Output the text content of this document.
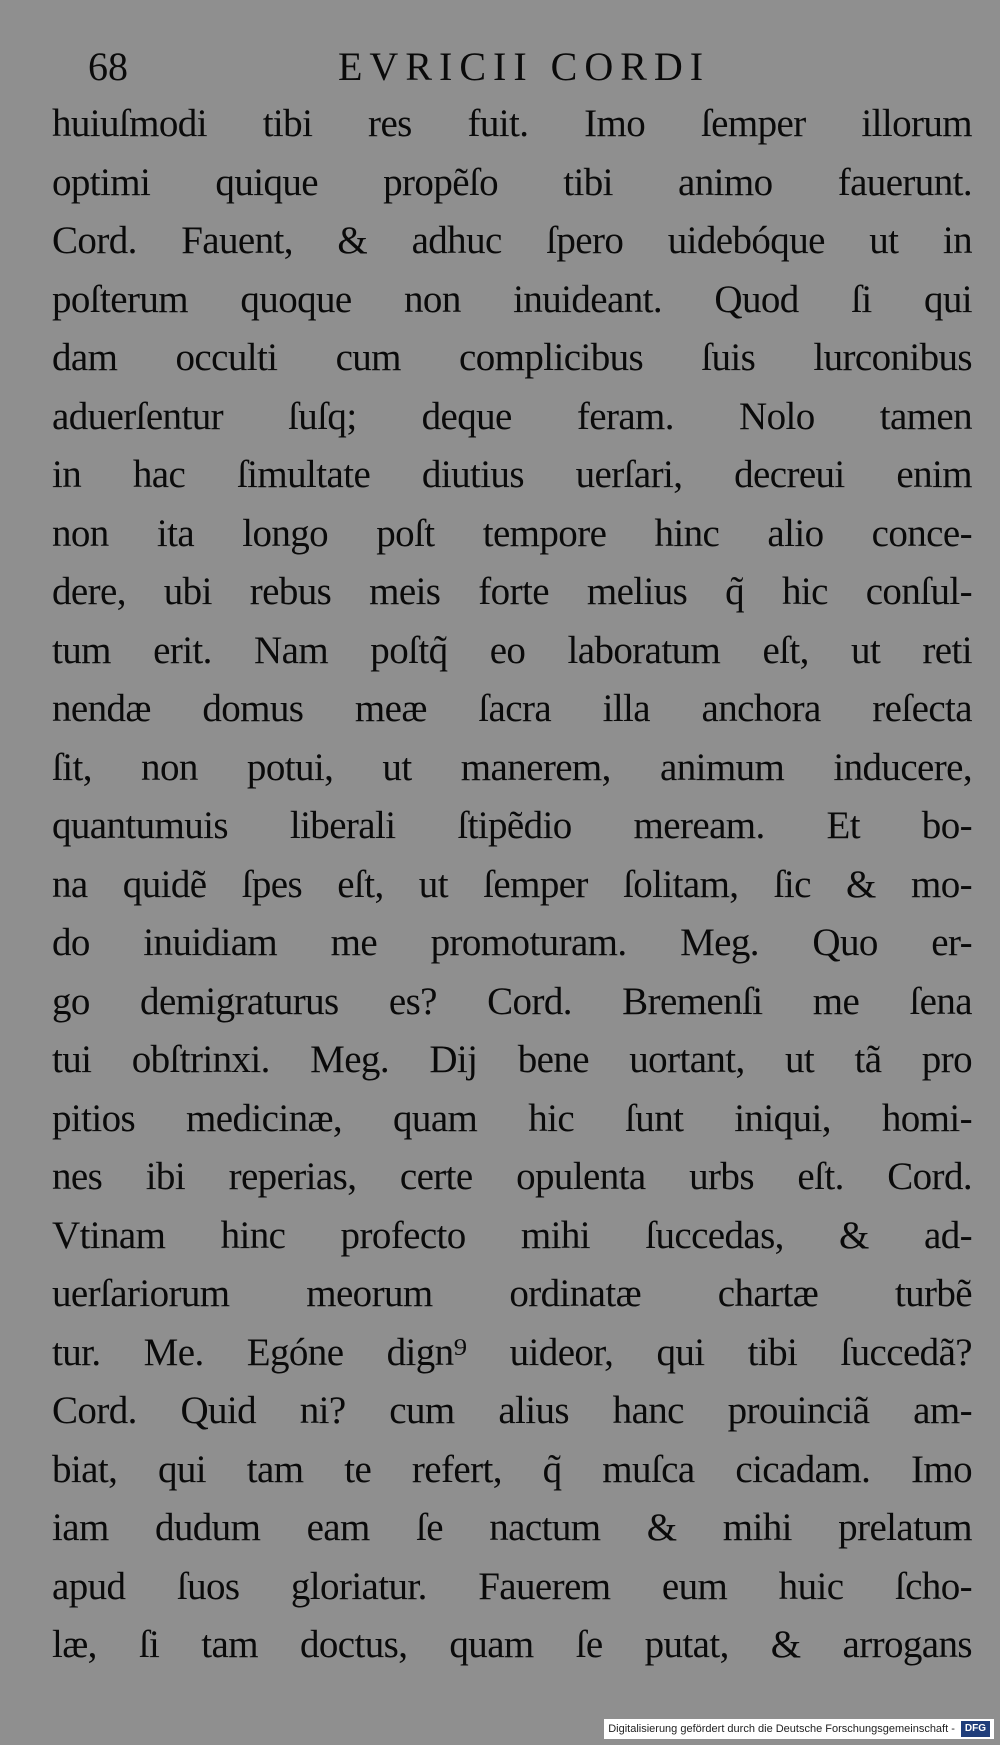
68	EVRICII CORDI
huiuſmodi tibi res fuit. Imo ſemper illorum
optimi quique propẽſo tibi animo fauerunt.
Cord. Fauent, & adhuc ſpero uidebóque ut in
poſterum quoque non inuideant. Quod ſi qui
dam occulti cum complicibus ſuis lurconibus
aduerſentur ſuſq; deque feram. Nolo tamen
in hac ſimultate diutius uerſari, decreui enim
non ita longo poſt tempore hinc alio conce-
dere, ubi rebus meis forte melius q̃ hic conſul-
tum erit. Nam poſtq̃ eo laboratum eſt, ut reti
nendæ domus meæ ſacra illa anchora reſecta
ſit, non potui, ut manerem, animum inducere,
quantumuis liberali ſtipẽdio meream. Et bo-
na quidẽ ſpes eſt, ut ſemper ſolitam, ſic & mo-
do inuidiam me promoturam. Meg. Quo er-
go demigraturus es? Cord. Bremenſi me ſena
tui obſtrinxi. Meg. Dij bene uortant, ut tã pro
pitios medicinæ, quam hic ſunt iniqui, homi-
nes ibi reperias, certe opulenta urbs eſt. Cord.
Vtinam hinc profecto mihi ſuccedas, & ad-
uerſariorum meorum ordinatæ chartæ turbẽ
tur. Me. Egóne dign⁹ uideor, qui tibi ſuccedã?
Cord. Quid ni? cum alius hanc prouinciã am-
biat, qui tam te refert, q̃ muſca cicadam. Imo
iam dudum eam ſe nactum & mihi prelatum
apud ſuos gloriatur. Fauerem eum huic ſcho-
læ, ſi tam doctus, quam ſe putat, & arrogans
Digitalisierung gefördert durch die Deutsche Forschungsgemeinschaft -	DFG
